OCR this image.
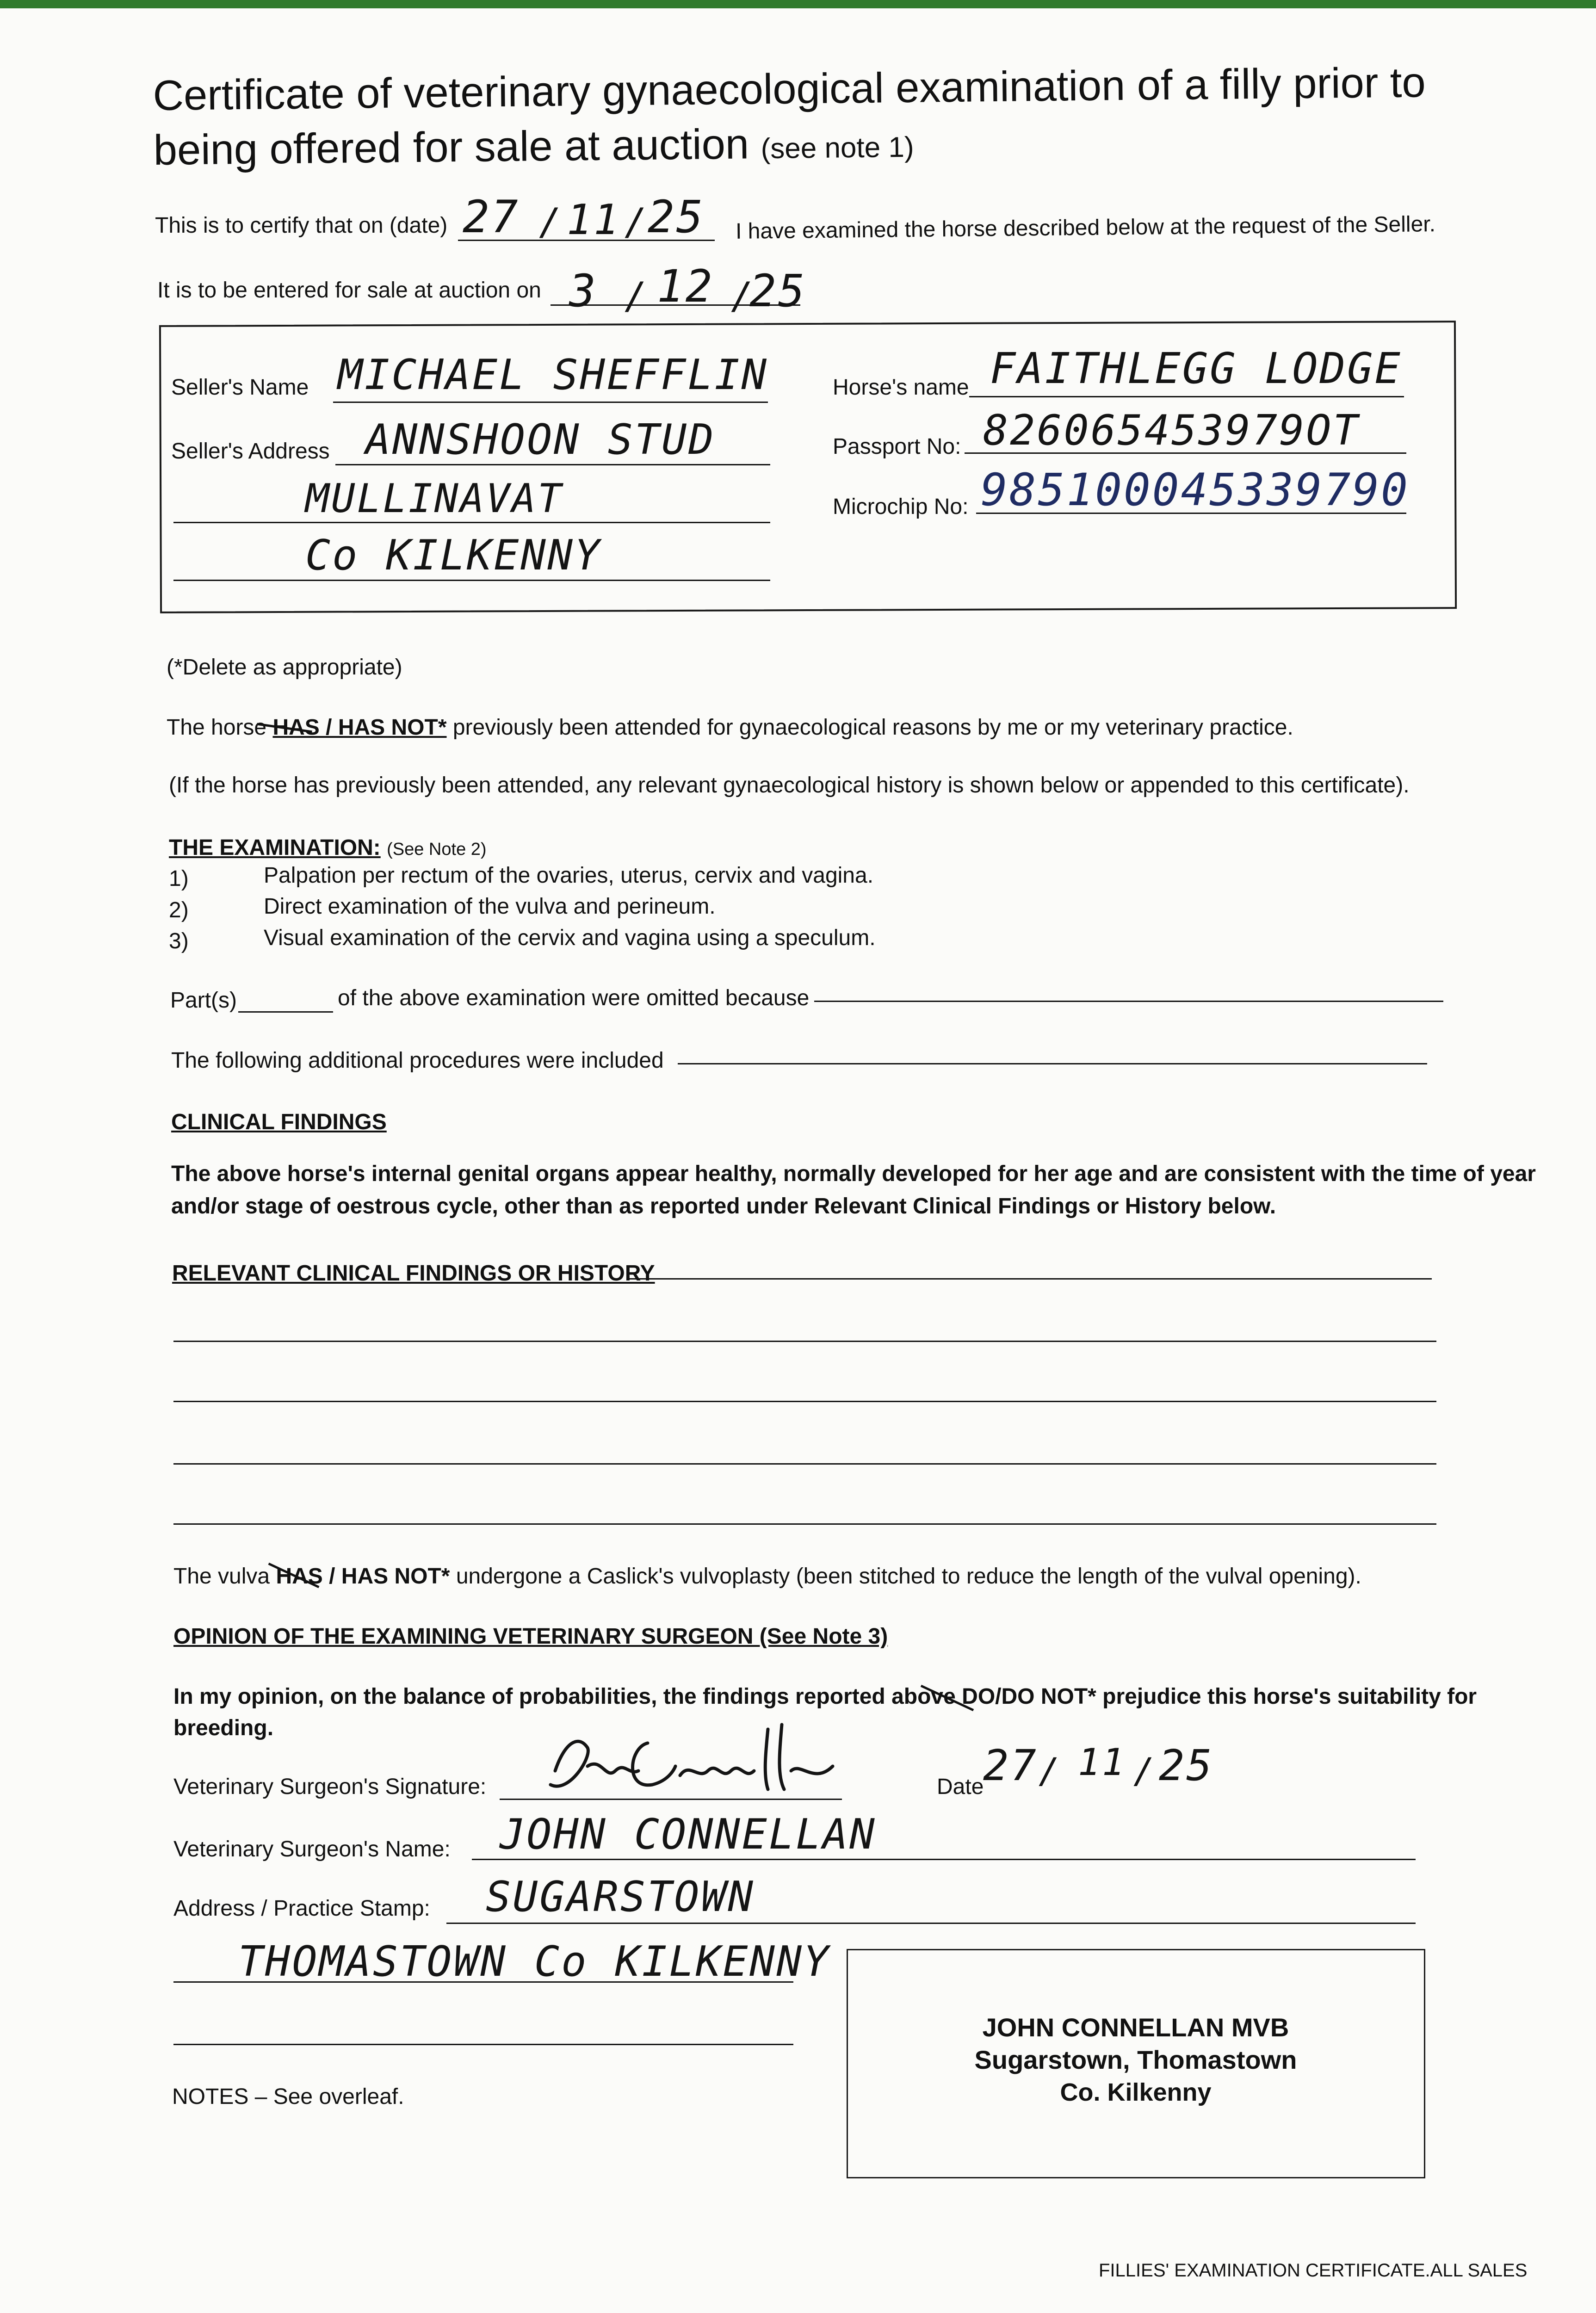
Certificate of veterinary gynaecological examination of a filly prior to
being offered for sale at auction (see note 1)
This is to certify that on (date) 27 / 11 /
25 I have examined the horse described below at the request of the Seller.
It is to be entered for sale at auction on 3 / 12 /
25
Seller's Name MICHAEL SHEFFLIN
Seller's Address ANNSHOON STUD
MULLINAVAT
Co KILKENNY
Horse's name FAITHLEGG LODGE
Passport No: 826065453979OT
Microchip No: 985100045339790
(*Delete as appropriate)
The horse HAS / HAS NOT* previously been attended for gynaecological reasons by me or my veterinary practice.
(If the horse has previously been attended, any relevant gynaecological history is shown below or appended to this certificate).
THE EXAMINATION: (See Note 2)
1)	Palpation per rectum of the ovaries, uterus, cervix and vagina.
2)	Direct examination of the vulva and perineum.
3)	Visual examination of the cervix and vagina using a speculum.
Part(s)	of the above examination were omitted because
The following additional procedures were included
CLINICAL FINDINGS
The above horse's internal genital organs appear healthy, normally developed for her age and are consistent with the time of year
and/or stage of oestrous cycle, other than as reported under Relevant Clinical Findings or History below.
RELEVANT CLINICAL FINDINGS OR HISTORY
The vulva HAS / HAS NOT* undergone a Caslick's vulvoplasty (been stitched to reduce the length of the vulval opening).
OPINION OF THE EXAMINING VETERINARY SURGEON (See Note 3)
In my opinion, on the balance of probabilities, the findings reported above DO/DO NOT* prejudice this horse's suitability for
breeding.
Veterinary Surgeon's Signature:	Date
27 / 11 / 25
Veterinary Surgeon's Name: JOHN CONNELLAN
Address / Practice Stamp: SUGARSTOWN
THOMASTOWN Co KILKENNY
NOTES – See overleaf.
JOHN CONNELLAN MVB
Sugarstown, Thomastown
Co. Kilkenny
FILLIES' EXAMINATION CERTIFICATE.ALL SALES
